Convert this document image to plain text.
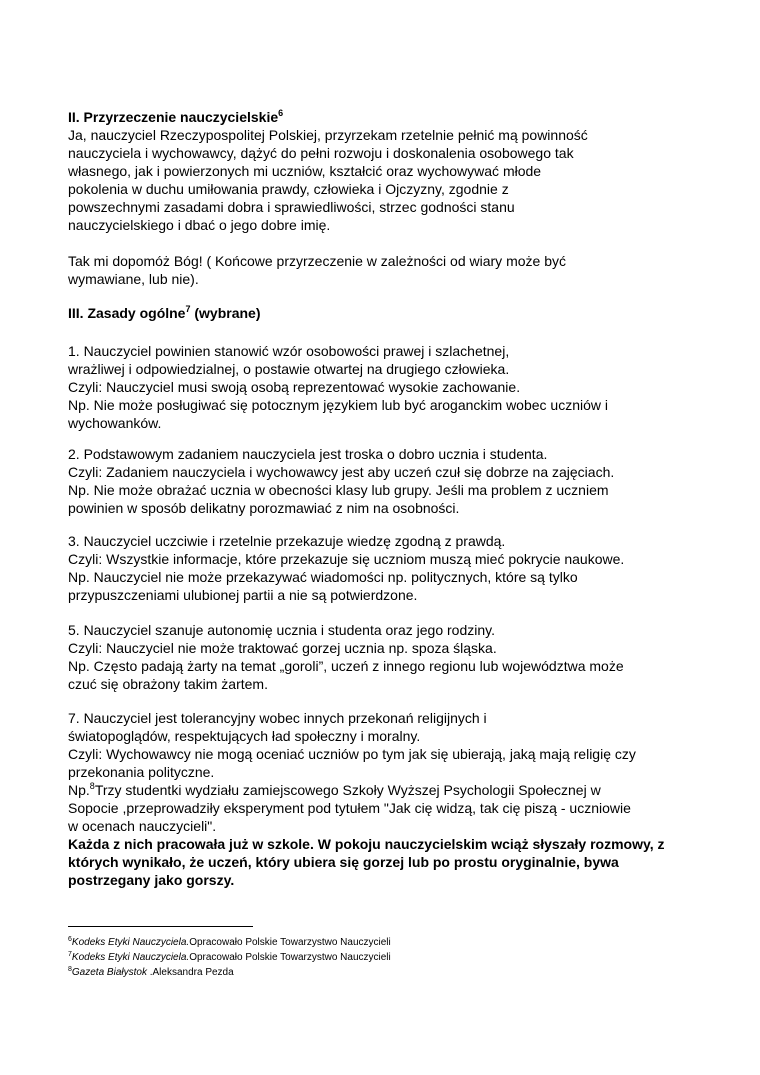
II. Przyrzeczenie nauczycielskie$^6$
Ja, nauczyciel Rzeczypospolitej Polskiej, przyrzekam rzetelnie pełnić mą powinność
nauczyciela i wychowawcy, dążyć do pełni rozwoju i doskonalenia osobowego tak
własnego, jak i powierzonych mi uczniów, kształcić oraz wychowywać młode
pokolenia w duchu umiłowania prawdy, człowieka i Ojczyzny, zgodnie z
powszechnymi zasadami dobra i sprawiedliwości, strzec godności stanu
nauczycielskiego i dbać o jego dobre imię.
Tak mi dopomóż Bóg! ( Końcowe przyrzeczenie w zależności od wiary może być
wymawiane, lub nie).
III. Zasady ogólne$^7$ (wybrane)
1. Nauczyciel powinien stanowić wzór osobowości prawej i szlachetnej,
wrażliwej i odpowiedzialnej, o postawie otwartej na drugiego człowieka.
Czyli: Nauczyciel musi swoją osobą reprezentować wysokie zachowanie.
Np. Nie może posługiwać się potocznym językiem lub być aroganckim wobec uczniów i
wychowanków.
2. Podstawowym zadaniem nauczyciela jest troska o dobro ucznia i studenta.
Czyli: Zadaniem nauczyciela i wychowawcy jest aby uczeń czuł się dobrze na zajęciach.
Np. Nie może obrażać ucznia w obecności klasy lub grupy. Jeśli ma problem z uczniem
powinien w sposób delikatny porozmawiać z nim na osobności.
3. Nauczyciel uczciwie i rzetelnie przekazuje wiedzę zgodną z prawdą.
Czyli: Wszystkie informacje, które przekazuje się uczniom muszą mieć pokrycie naukowe.
Np. Nauczyciel nie może przekazywać wiadomości np. politycznych, które są tylko
przypuszczeniami ulubionej partii a nie są potwierdzone.
5. Nauczyciel szanuje autonomię ucznia i studenta oraz jego rodziny.
Czyli: Nauczyciel nie może traktować gorzej ucznia np. spoza śląska.
Np. Często padają żarty na temat „goroli”, uczeń z innego regionu lub województwa może
czuć się obrażony takim żartem.
7. Nauczyciel jest tolerancyjny wobec innych przekonań religijnych i
światopoglądów, respektujących ład społeczny i moralny.
Czyli: Wychowawcy nie mogą oceniać uczniów po tym jak się ubierają, jaką mają religię czy
przekonania polityczne.
Np.$^8$Trzy studentki wydziału zamiejscowego Szkoły Wyższej Psychologii Społecznej w
Sopocie ,przeprowadziły eksperyment pod tytułem "Jak cię widzą, tak cię piszą - uczniowie
w ocenach nauczycieli".
Każda z nich pracowała już w szkole. W pokoju nauczycielskim wciąż słyszały rozmowy, z
których wynikało, że uczeń, który ubiera się gorzej lub po prostu oryginalnie, bywa
postrzegany jako gorszy.
$^6$Kodeks Etyki Nauczyciela.Opracowało Polskie Towarzystwo Nauczycieli
$^7$Kodeks Etyki Nauczyciela.Opracowało Polskie Towarzystwo Nauczycieli
$^8$Gazeta Białystok .Aleksandra Pezda
